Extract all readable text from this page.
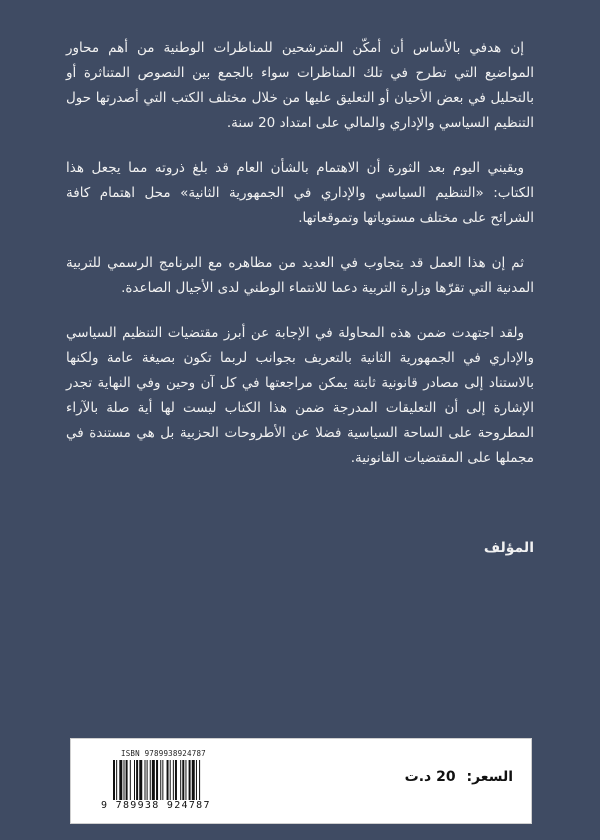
إن هدفي بالأساس أن أمكّن المترشحين للمناظرات الوطنية من أهم محاور المواضيع التي تطرح في تلك المناظرات سواء بالجمع بين النصوص المتناثرة أو بالتحليل في بعض الأحيان أو التعليق عليها من خلال مختلف الكتب التي أصدرتها حول التنظيم السياسي والإداري والمالي على امتداد 20 سنة.

ويقيني اليوم بعد الثورة أن الاهتمام بالشأن العام قد بلغ ذروته مما يجعل هذا الكتاب: «التنظيم السياسي والإداري في الجمهورية الثانية» محل اهتمام كافة الشرائح على مختلف مستوياتها وتموقعاتها.

ثم إن هذا العمل قد يتجاوب في العديد من مظاهره مع البرنامج الرسمي للتربية المدنية التي تقرّها وزارة التربية دعما للانتماء الوطني لدى الأجيال الصاعدة.

ولقد اجتهدت ضمن هذه المحاولة في الإجابة عن أبرز مقتضيات التنظيم السياسي والإداري في الجمهورية الثانية بالتعريف بجوانب لربما تكون بصيغة عامة ولكنها بالاستناد إلى مصادر قانونية ثابتة يمكن مراجعتها في كل آن وحين وفي النهاية تجدر الإشارة إلى أن التعليقات المدرجة ضمن هذا الكتاب ليست لها أية صلة بالآراء المطروحة على الساحة السياسية فضلا عن الأطروحات الحزبية بل هي مستندة في مجملها على المقتضيات القانونية.

المؤلف
ISBN 9789938924787
9 789938 924787
السعر: 20 د.ت
